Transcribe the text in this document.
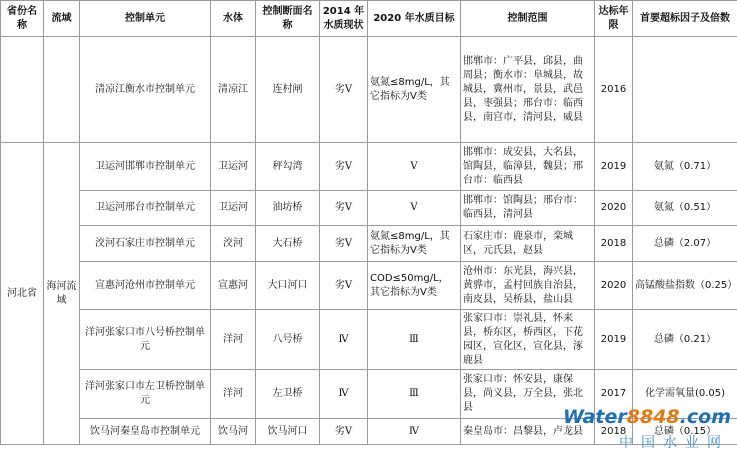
省份名称	流域	控制单元	水体	控制断面名称	2014 年水质现状	2020 年水质目标	控制范围	达标年限	首要超标因子及倍数
		清凉江衡水市控制单元	清凉江	连村闸	劣Ⅴ	氨氮≤8mg/L，其它指标为Ⅴ类	邯郸市：广平县，邱县，曲周县；衡水市：阜城县，故城县，冀州市，景县，武邑县，枣强县；邢台市：临西县，南宫市，清河县，威县	2016	
河北省	海河流域	卫运河邯郸市控制单元	卫运河	秤勾湾	劣Ⅴ	Ⅴ	邯郸市：成安县，大名县，馆陶县，临漳县，魏县；邢台市：临西县	2019	氨氮（0.71）
		卫运河邢台市控制单元	卫运河	油坊桥	劣Ⅴ	Ⅴ	邯郸市：馆陶县；邢台市：临西县，清河县	2020	氨氮（0.51）
		洨河石家庄市控制单元	洨河	大石桥	劣Ⅴ	氨氮≤8mg/L，其它指标为Ⅴ类	石家庄市：鹿泉市，栾城区，元氏县，赵县	2018	总磷（2.07）
		宣惠河沧州市控制单元	宣惠河	大口河口	劣Ⅴ	COD≤50mg/L，其它指标为Ⅴ类	沧州市：东光县，海兴县，黄骅市，孟村回族自治县，南皮县，吴桥县，盐山县	2020	高锰酸盐指数（0.25）
		洋河张家口市八号桥控制单元	洋河	八号桥	Ⅳ	Ⅲ	张家口市：崇礼县，怀来县，桥东区，桥西区，下花园区，宣化区，宣化县，涿鹿县	2019	总磷（0.21）
		洋河张家口市左卫桥控制单元	洋河	左卫桥	Ⅳ	Ⅲ	张家口市：怀安县，康保县，尚义县，万全县，张北县	2017	化学需氧量(0.05)
		饮马河秦皇岛市控制单元	饮马河	饮马河口	劣Ⅴ	Ⅳ	秦皇岛市：昌黎县，卢龙县	2018	总磷（0.15）
Water8848.com
中国水业网
